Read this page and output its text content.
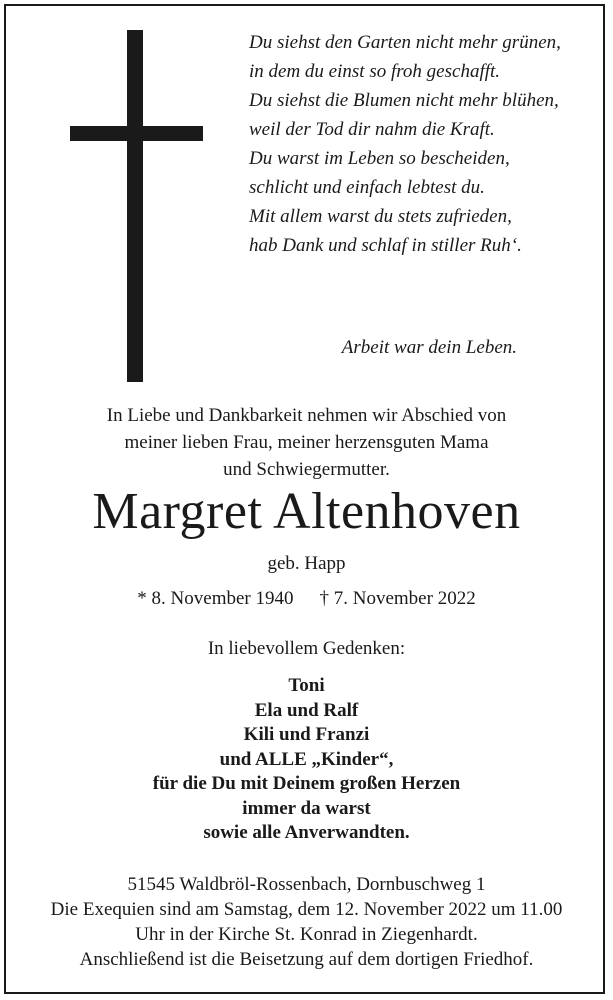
Du siehst den Garten nicht mehr grünen,
in dem du einst so froh geschafft.
Du siehst die Blumen nicht mehr blühen,
weil der Tod dir nahm die Kraft.
Du warst im Leben so bescheiden,
schlicht und einfach lebtest du.
Mit allem warst du stets zufrieden,
hab Dank und schlaf in stiller Ruh‘.
Arbeit war dein Leben.
In Liebe und Dankbarkeit nehmen wir Abschied von
meiner lieben Frau, meiner herzensguten Mama
und Schwiegermutter.
Margret Altenhoven
geb. Happ
* 8. November 1940 † 7. November 2022
In liebevollem Gedenken:
Toni
Ela und Ralf
Kili und Franzi
und ALLE „Kinder“,
für die Du mit Deinem großen Herzen
immer da warst
sowie alle Anverwandten.
51545 Waldbröl-Rossenbach, Dornbuschweg 1
Die Exequien sind am Samstag, dem 12. November 2022 um 11.00
Uhr in der Kirche St. Konrad in Ziegenhardt.
Anschließend ist die Beisetzung auf dem dortigen Friedhof.
